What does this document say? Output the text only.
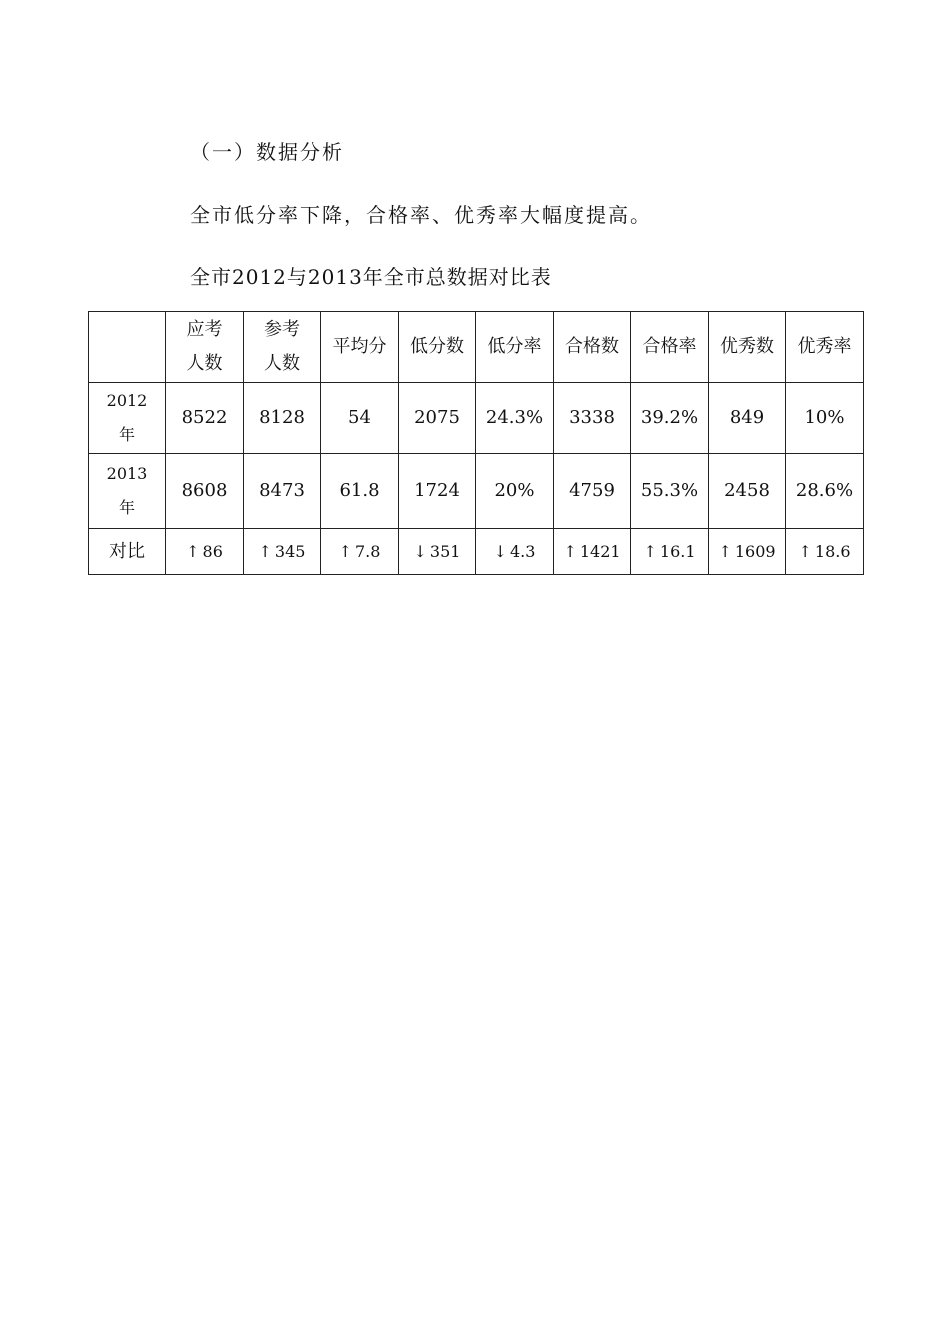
（一）数据分析
全市低分率下降，合格率、优秀率大幅度提高。
全市2012与2013年全市总数据对比表
	应考人数	参考人数	平均分	低分数	低分率	合格数	合格率	优秀数	优秀率
2012
年	8522	8128	54	2075	24.3%	3338	39.2%	849	10%
2013
年	8608	8473	61.8	1724	20%	4759	55.3%	2458	28.6%
对比	↑ 86	↑ 345	↑ 7.8	↓ 351	↓ 4.3	↑ 1421	↑ 16.1	↑ 1609	↑ 18.6
